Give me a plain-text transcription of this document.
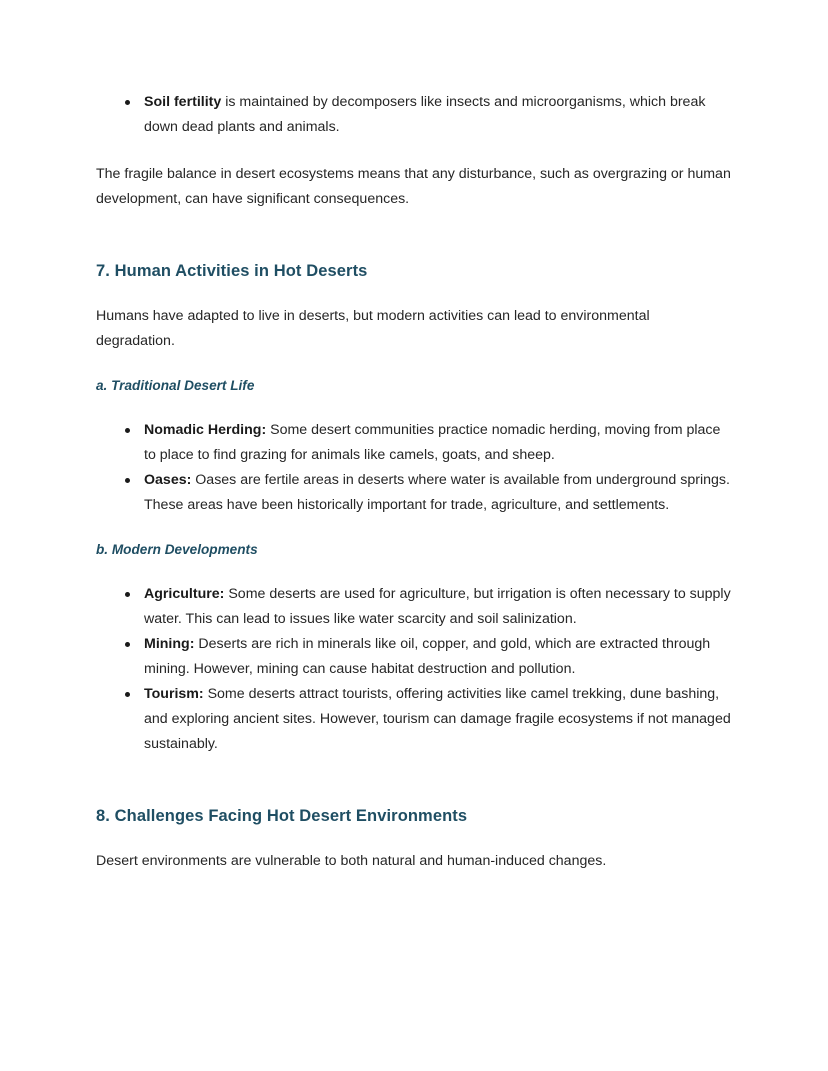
Soil fertility is maintained by decomposers like insects and microorganisms, which break down dead plants and animals.

The fragile balance in desert ecosystems means that any disturbance, such as overgrazing or human development, can have significant consequences.

7. Human Activities in Hot Deserts

Humans have adapted to live in deserts, but modern activities can lead to environmental degradation.

a. Traditional Desert Life
Nomadic Herding: Some desert communities practice nomadic herding, moving from place to place to find grazing for animals like camels, goats, and sheep.
Oases: Oases are fertile areas in deserts where water is available from underground springs. These areas have been historically important for trade, agriculture, and settlements.
b. Modern Developments
Agriculture: Some deserts are used for agriculture, but irrigation is often necessary to supply water. This can lead to issues like water scarcity and soil salinization.
Mining: Deserts are rich in minerals like oil, copper, and gold, which are extracted through mining. However, mining can cause habitat destruction and pollution.
Tourism: Some deserts attract tourists, offering activities like camel trekking, dune bashing, and exploring ancient sites. However, tourism can damage fragile ecosystems if not managed sustainably.
8. Challenges Facing Hot Desert Environments

Desert environments are vulnerable to both natural and human-induced changes.
